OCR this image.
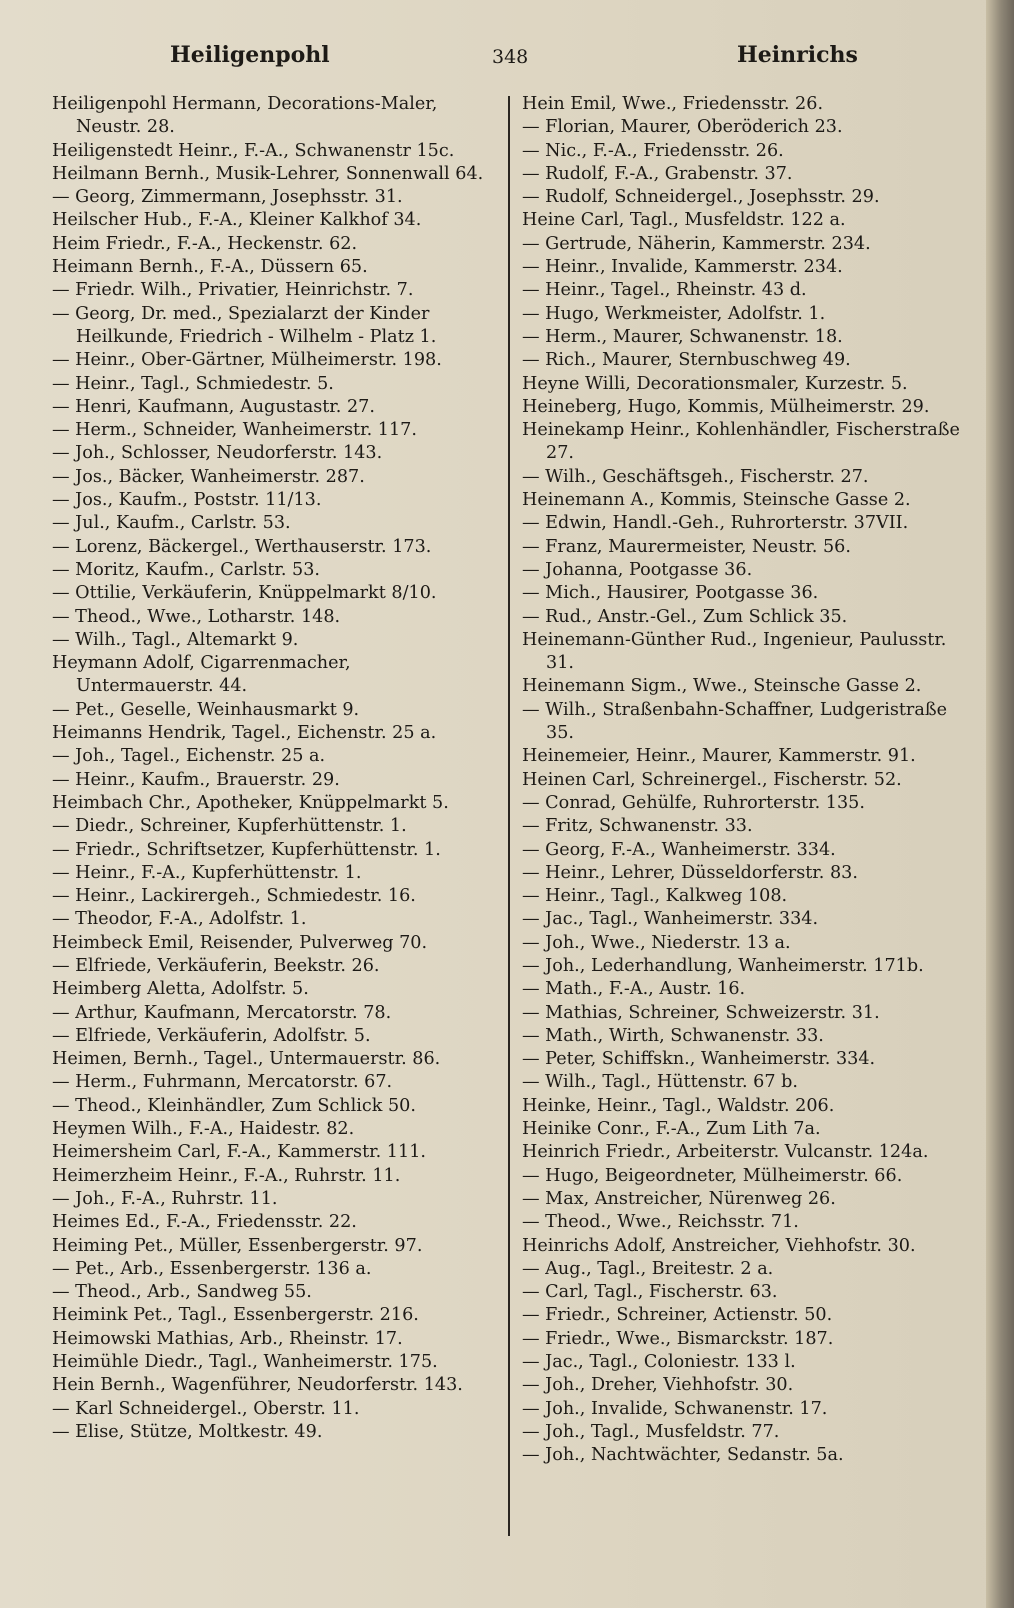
Heiligenpohl	348	Heinrichs
Heiligenpohl Hermann, Decorations-Maler, Neustr. 28.
Heiligenstedt Heinr., F.-A., Schwanenstr 15c.
Heilmann Bernh., Musik-Lehrer, Sonnenwall 64.
— Georg, Zimmermann, Josephsstr. 31.
Heilscher Hub., F.-A., Kleiner Kalkhof 34.
Heim Friedr., F.-A., Heckenstr. 62.
Heimann Bernh., F.-A., Düssern 65.
— Friedr. Wilh., Privatier, Heinrichstr. 7.
— Georg, Dr. med., Spezialarzt der Kinder Heilkunde, Friedrich - Wilhelm - Platz 1.
— Heinr., Ober-Gärtner, Mülheimerstr. 198.
— Heinr., Tagl., Schmiedestr. 5.
— Henri, Kaufmann, Augustastr. 27.
— Herm., Schneider, Wanheimerstr. 117.
— Joh., Schlosser, Neudorferstr. 143.
— Jos., Bäcker, Wanheimerstr. 287.
— Jos., Kaufm., Poststr. 11/13.
— Jul., Kaufm., Carlstr. 53.
— Lorenz, Bäckergel., Werthauserstr. 173.
— Moritz, Kaufm., Carlstr. 53.
— Ottilie, Verkäuferin, Knüppelmarkt 8/10.
— Theod., Wwe., Lotharstr. 148.
— Wilh., Tagl., Altemarkt 9.
Heymann Adolf, Cigarrenmacher, Untermauerstr. 44.
— Pet., Geselle, Weinhausmarkt 9.
Heimanns Hendrik, Tagel., Eichenstr. 25 a.
— Joh., Tagel., Eichenstr. 25 a.
— Heinr., Kaufm., Brauerstr. 29.
Heimbach Chr., Apotheker, Knüppelmarkt 5.
— Diedr., Schreiner, Kupferhüttenstr. 1.
— Friedr., Schriftsetzer, Kupferhüttenstr. 1.
— Heinr., F.-A., Kupferhüttenstr. 1.
— Heinr., Lackirergeh., Schmiedestr. 16.
— Theodor, F.-A., Adolfstr. 1.
Heimbeck Emil, Reisender, Pulverweg 70.
— Elfriede, Verkäuferin, Beekstr. 26.
Heimberg Aletta, Adolfstr. 5.
— Arthur, Kaufmann, Mercatorstr. 78.
— Elfriede, Verkäuferin, Adolfstr. 5.
Heimen, Bernh., Tagel., Untermauerstr. 86.
— Herm., Fuhrmann, Mercatorstr. 67.
— Theod., Kleinhändler, Zum Schlick 50.
Heymen Wilh., F.-A., Haidestr. 82.
Heimersheim Carl, F.-A., Kammerstr. 111.
Heimerzheim Heinr., F.-A., Ruhrstr. 11.
— Joh., F.-A., Ruhrstr. 11.
Heimes Ed., F.-A., Friedensstr. 22.
Heiming Pet., Müller, Essenbergerstr. 97.
— Pet., Arb., Essenbergerstr. 136 a.
— Theod., Arb., Sandweg 55.
Heimink Pet., Tagl., Essenbergerstr. 216.
Heimowski Mathias, Arb., Rheinstr. 17.
Heimühle Diedr., Tagl., Wanheimerstr. 175.
Hein Bernh., Wagenführer, Neudorferstr. 143.
— Karl Schneidergel., Oberstr. 11.
— Elise, Stütze, Moltkestr. 49.
Hein Emil, Wwe., Friedensstr. 26.
— Florian, Maurer, Oberöderich 23.
— Nic., F.-A., Friedensstr. 26.
— Rudolf, F.-A., Grabenstr. 37.
— Rudolf, Schneidergel., Josephsstr. 29.
Heine Carl, Tagl., Musfeldstr. 122 a.
— Gertrude, Näherin, Kammerstr. 234.
— Heinr., Invalide, Kammerstr. 234.
— Heinr., Tagel., Rheinstr. 43 d.
— Hugo, Werkmeister, Adolfstr. 1.
— Herm., Maurer, Schwanenstr. 18.
— Rich., Maurer, Sternbuschweg 49.
Heyne Willi, Decorationsmaler, Kurzestr. 5.
Heineberg, Hugo, Kommis, Mülheimerstr. 29.
Heinekamp Heinr., Kohlenhändler, Fischerstraße 27.
— Wilh., Geschäftsgeh., Fischerstr. 27.
Heinemann A., Kommis, Steinsche Gasse 2.
— Edwin, Handl.-Geh., Ruhrorterstr. 37VII.
— Franz, Maurermeister, Neustr. 56.
— Johanna, Pootgasse 36.
— Mich., Hausirer, Pootgasse 36.
— Rud., Anstr.-Gel., Zum Schlick 35.
Heinemann-Günther Rud., Ingenieur, Paulusstr. 31.
Heinemann Sigm., Wwe., Steinsche Gasse 2.
— Wilh., Straßenbahn-Schaffner, Ludgeristraße 35.
Heinemeier, Heinr., Maurer, Kammerstr. 91.
Heinen Carl, Schreinergel., Fischerstr. 52.
— Conrad, Gehülfe, Ruhrorterstr. 135.
— Fritz, Schwanenstr. 33.
— Georg, F.-A., Wanheimerstr. 334.
— Heinr., Lehrer, Düsseldorferstr. 83.
— Heinr., Tagl., Kalkweg 108.
— Jac., Tagl., Wanheimerstr. 334.
— Joh., Wwe., Niederstr. 13 a.
— Joh., Lederhandlung, Wanheimerstr. 171b.
— Math., F.-A., Austr. 16.
— Mathias, Schreiner, Schweizerstr. 31.
— Math., Wirth, Schwanenstr. 33.
— Peter, Schiffskn., Wanheimerstr. 334.
— Wilh., Tagl., Hüttenstr. 67 b.
Heinke, Heinr., Tagl., Waldstr. 206.
Heinike Conr., F.-A., Zum Lith 7a.
Heinrich Friedr., Arbeiterstr. Vulcanstr. 124a.
— Hugo, Beigeordneter, Mülheimerstr. 66.
— Max, Anstreicher, Nürenweg 26.
— Theod., Wwe., Reichsstr. 71.
Heinrichs Adolf, Anstreicher, Viehhofstr. 30.
— Aug., Tagl., Breitestr. 2 a.
— Carl, Tagl., Fischerstr. 63.
— Friedr., Schreiner, Actienstr. 50.
— Friedr., Wwe., Bismarckstr. 187.
— Jac., Tagl., Coloniestr. 133 l.
— Joh., Dreher, Viehhofstr. 30.
— Joh., Invalide, Schwanenstr. 17.
— Joh., Tagl., Musfeldstr. 77.
— Joh., Nachtwächter, Sedanstr. 5a.
